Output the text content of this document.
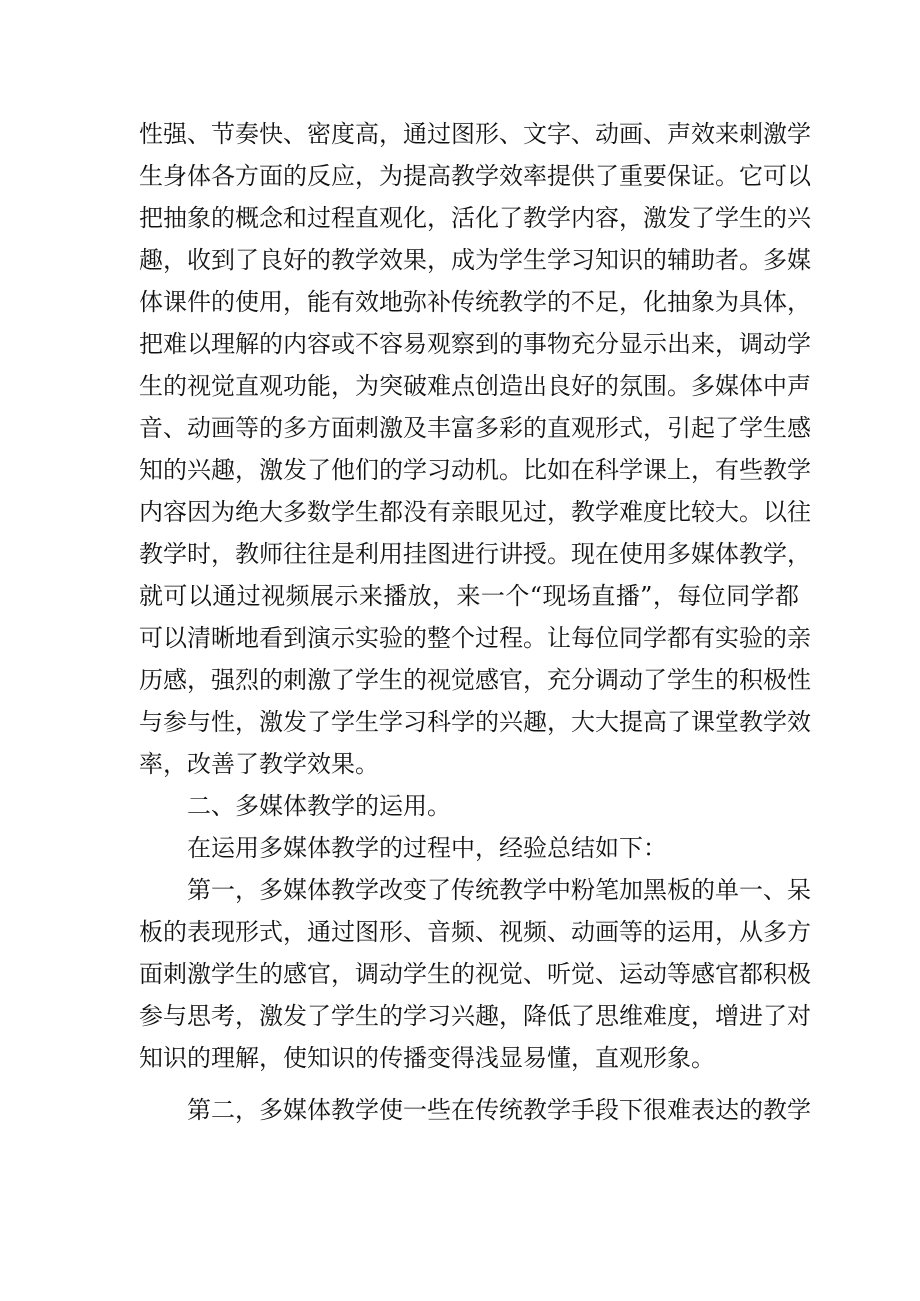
性强、节奏快、密度高，通过图形、文字、动画、声效来刺激学
生身体各方面的反应，为提高教学效率提供了重要保证。它可以
把抽象的概念和过程直观化，活化了教学内容，激发了学生的兴
趣，收到了良好的教学效果，成为学生学习知识的辅助者。多媒
体课件的使用，能有效地弥补传统教学的不足，化抽象为具体，
把难以理解的内容或不容易观察到的事物充分显示出来，调动学
生的视觉直观功能，为突破难点创造出良好的氛围。多媒体中声
音、动画等的多方面刺激及丰富多彩的直观形式，引起了学生感
知的兴趣，激发了他们的学习动机。比如在科学课上，有些教学
内容因为绝大多数学生都没有亲眼见过，教学难度比较大。以往
教学时，教师往往是利用挂图进行讲授。现在使用多媒体教学，
就可以通过视频展示来播放，来一个“现场直播”，每位同学都
可以清晰地看到演示实验的整个过程。让每位同学都有实验的亲
历感，强烈的刺激了学生的视觉感官，充分调动了学生的积极性
与参与性，激发了学生学习科学的兴趣，大大提高了课堂教学效
率，改善了教学效果。
二、多媒体教学的运用。
在运用多媒体教学的过程中，经验总结如下：
第一，多媒体教学改变了传统教学中粉笔加黑板的单一、呆
板的表现形式，通过图形、音频、视频、动画等的运用，从多方
面刺激学生的感官，调动学生的视觉、听觉、运动等感官都积极
参与思考，激发了学生的学习兴趣，降低了思维难度，增进了对
知识的理解，使知识的传播变得浅显易懂，直观形象。
第二，多媒体教学使一些在传统教学手段下很难表达的教学
